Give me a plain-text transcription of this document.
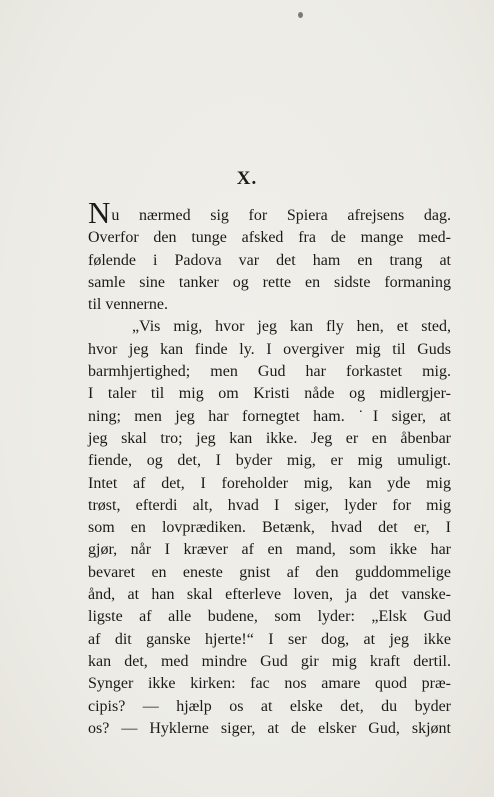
X.
Nu nærmed sig for Spiera afrejsens dag.
Overfor den tunge afsked fra de mange med-
følende i Padova var det ham en trang at
samle sine tanker og rette en sidste formaning
til vennerne.
„Vis mig, hvor jeg kan fly hen, et sted,
hvor jeg kan finde ly. I overgiver mig til Guds
barmhjertighed; men Gud har forkastet mig.
I taler til mig om Kristi nåde og midlergjer-
ning; men jeg har fornegtet ham. ˙I siger, at
jeg skal tro; jeg kan ikke. Jeg er en åbenbar
fiende, og det, I byder mig, er mig umuligt.
Intet af det, I foreholder mig, kan yde mig
trøst, efterdi alt, hvad I siger, lyder for mig
som en lovprædiken. Betænk, hvad det er, I
gjør, når I kræver af en mand, som ikke har
bevaret en eneste gnist af den guddommelige
ånd, at han skal efterleve loven, ja det vanske-
ligste af alle budene, som lyder: „Elsk Gud
af dit ganske hjerte!“ I ser dog, at jeg ikke
kan det, med mindre Gud gir mig kraft dertil.
Synger ikke kirken: fac nos amare quod præ-
cipis? — hjælp os at elske det, du byder
os? — Hyklerne siger, at de elsker Gud, skjønt
